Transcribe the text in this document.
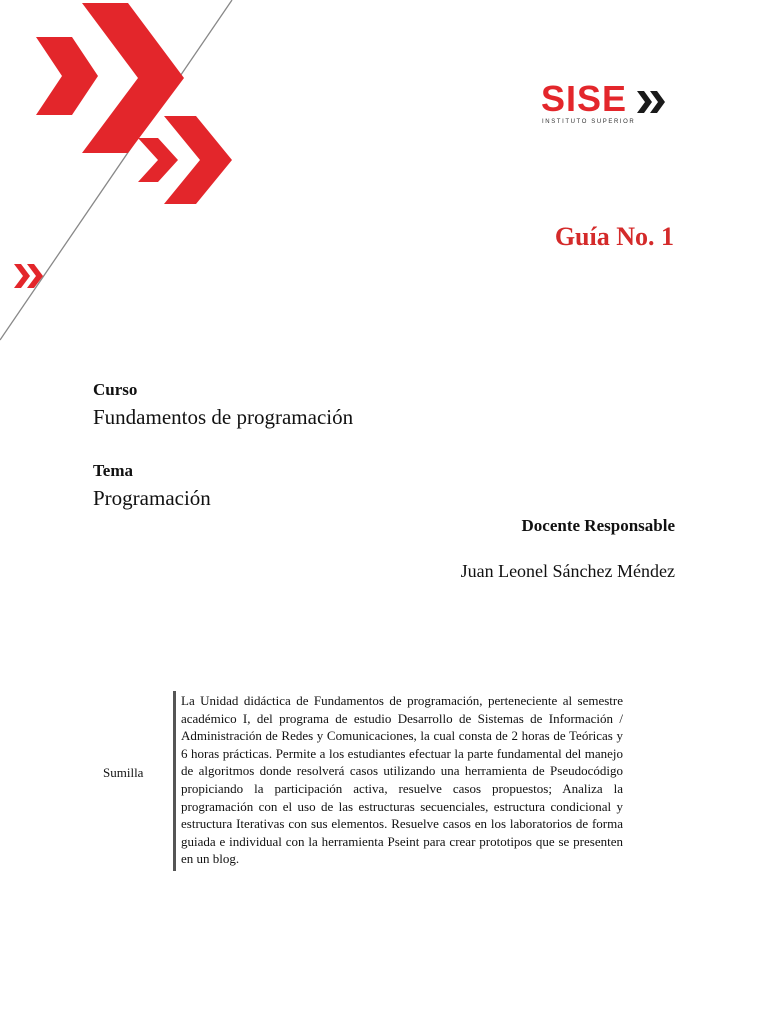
SISE
INSTITUTO SUPERIOR
Guía No. 1
Curso
Fundamentos de programación
Tema
Programación
Docente Responsable
Juan Leonel Sánchez Méndez
Sumilla
La Unidad didáctica de Fundamentos de programación, perteneciente al semestre académico I, del programa de estudio Desarrollo de Sistemas de Información / Administración de Redes y Comunicaciones, la cual consta de 2 horas de Teóricas y 6 horas prácticas. Permite a los estudiantes efectuar la parte fundamental del manejo de algoritmos donde resolverá casos utilizando una herramienta de Pseudocódigo propiciando la participación activa, resuelve casos propuestos; Analiza la programación con el uso de las estructuras secuenciales, estructura condicional y estructura Iterativas con sus elementos. Resuelve casos en los laboratorios de forma guiada e individual con la herramienta Pseint para crear prototipos que se presenten en un blog.
